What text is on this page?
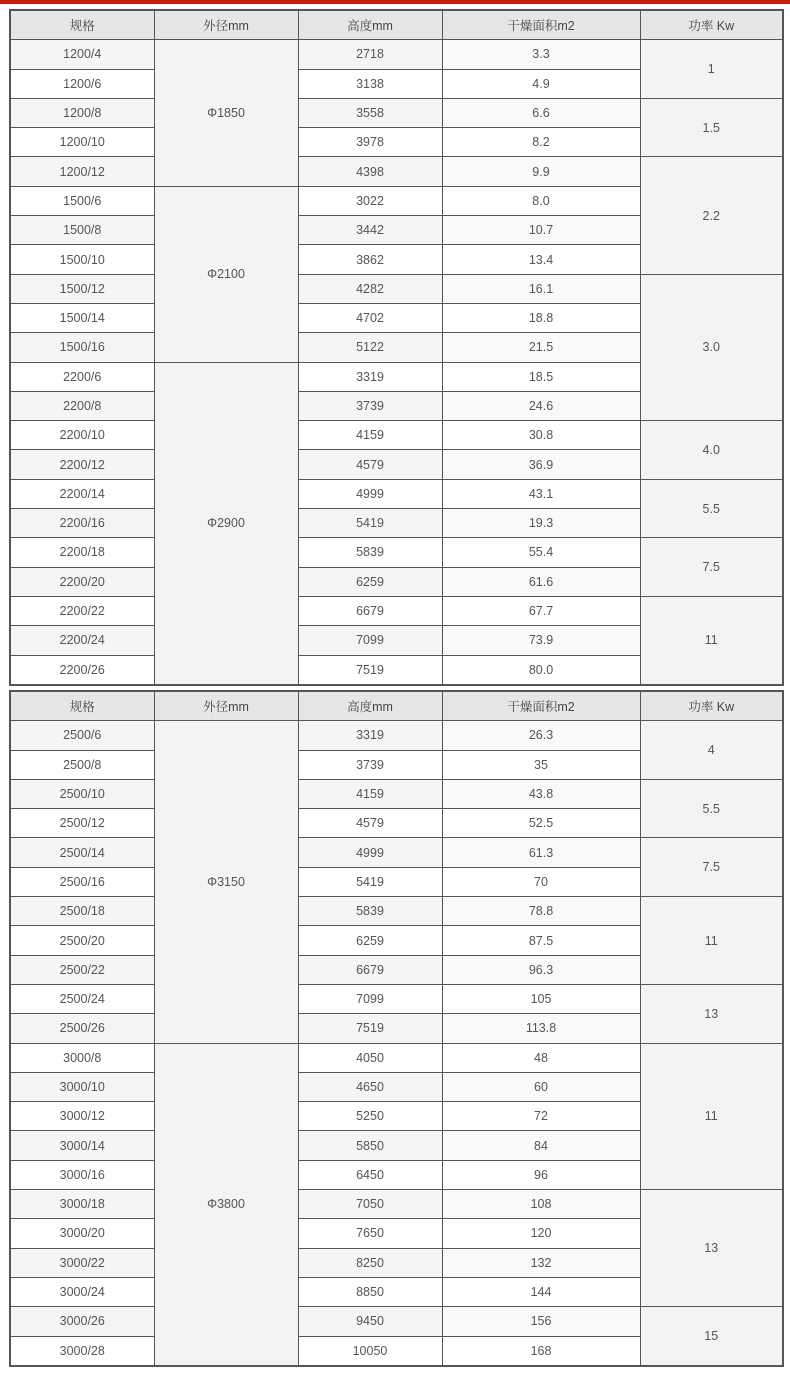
规格	外径mm	高度mm	干燥面积m2	功率 Kw
1200/4	Φ1850	2718	3.3	1
1200/6		3138	4.9	
1200/8		3558	6.6	1.5
1200/10		3978	8.2	
1200/12		4398	9.9	2.2
1500/6	Φ2100	3022	8.0	
1500/8		3442	10.7	
1500/10		3862	13.4	
1500/12		4282	16.1	3.0
1500/14		4702	18.8	
1500/16		5122	21.5	
2200/6	Φ2900	3319	18.5	
2200/8		3739	24.6	
2200/10		4159	30.8	4.0
2200/12		4579	36.9	
2200/14		4999	43.1	5.5
2200/16		5419	19.3	
2200/18		5839	55.4	7.5
2200/20		6259	61.6	
2200/22		6679	67.7	11
2200/24		7099	73.9	
2200/26		7519	80.0	
规格	外径mm	高度mm	干燥面积m2	功率 Kw
2500/6	Φ3150	3319	26.3	4
2500/8		3739	35	
2500/10		4159	43.8	5.5
2500/12		4579	52.5	
2500/14		4999	61.3	7.5
2500/16		5419	70	
2500/18		5839	78.8	11
2500/20		6259	87.5	
2500/22		6679	96.3	
2500/24		7099	105	13
2500/26		7519	113.8	
3000/8	Φ3800	4050	48	11
3000/10		4650	60	
3000/12		5250	72	
3000/14		5850	84	
3000/16		6450	96	
3000/18		7050	108	13
3000/20		7650	120	
3000/22		8250	132	
3000/24		8850	144	
3000/26		9450	156	15
3000/28		10050	168	
